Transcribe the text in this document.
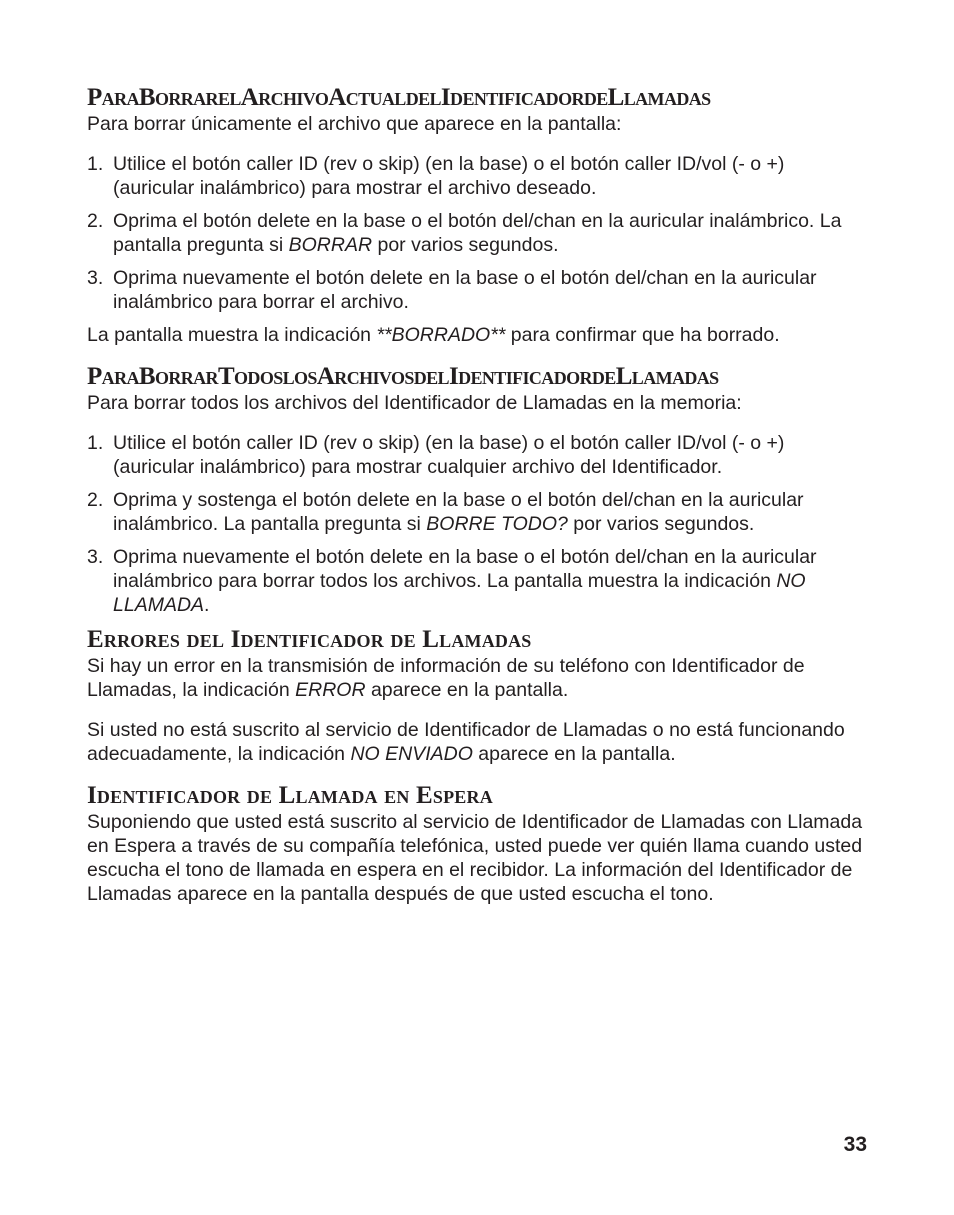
ParaBorrarelArchivoActualdelIdentificadordeLlamadas

Para borrar únicamente el archivo que aparece en la pantalla:

1. Utilice el botón caller ID (rev o skip) (en la base) o el botón caller ID/vol (- o +) (auricular inalámbrico) para mostrar el archivo deseado.
2. Oprima el botón delete en la base o el botón del/chan en la auricular inalámbrico. La pantalla pregunta si BORRAR por varios segundos.
3. Oprima nuevamente el botón delete en la base o el botón del/chan en la auricular inalámbrico para borrar el archivo.

La pantalla muestra la indicación **BORRADO** para confirmar que ha borrado.

ParaBorrarTodoslosArchivosdelIdentificadordeLlamadas

Para borrar todos los archivos del Identificador de Llamadas en la memoria:

1. Utilice el botón caller ID (rev o skip) (en la base) o el botón caller ID/vol (- o +) (auricular inalámbrico) para mostrar cualquier archivo del Identificador.
2. Oprima y sostenga el botón delete en la base o el botón del/chan en la auricular inalámbrico. La pantalla pregunta si BORRE TODO? por varios segundos.
3. Oprima nuevamente el botón delete en la base o el botón del/chan en la auricular inalámbrico para borrar todos los archivos. La pantalla muestra la indicación NO LLAMADA.
Errores del Identificador de Llamadas

Si hay un error en la transmisión de información de su teléfono con Identificador de Llamadas, la indicación ERROR aparece en la pantalla.

Si usted no está suscrito al servicio de Identificador de Llamadas o no está funcionando adecuadamente, la indicación NO ENVIADO aparece en la pantalla.

Identificador de Llamada en Espera

Suponiendo que usted está suscrito al servicio de Identificador de Llamadas con Llamada en Espera a través de su compañía telefónica, usted puede ver quién llama cuando usted escucha el tono de llamada en espera en el recibidor. La información del Identificador de Llamadas aparece en la pantalla después de que usted escucha el tono.

33
